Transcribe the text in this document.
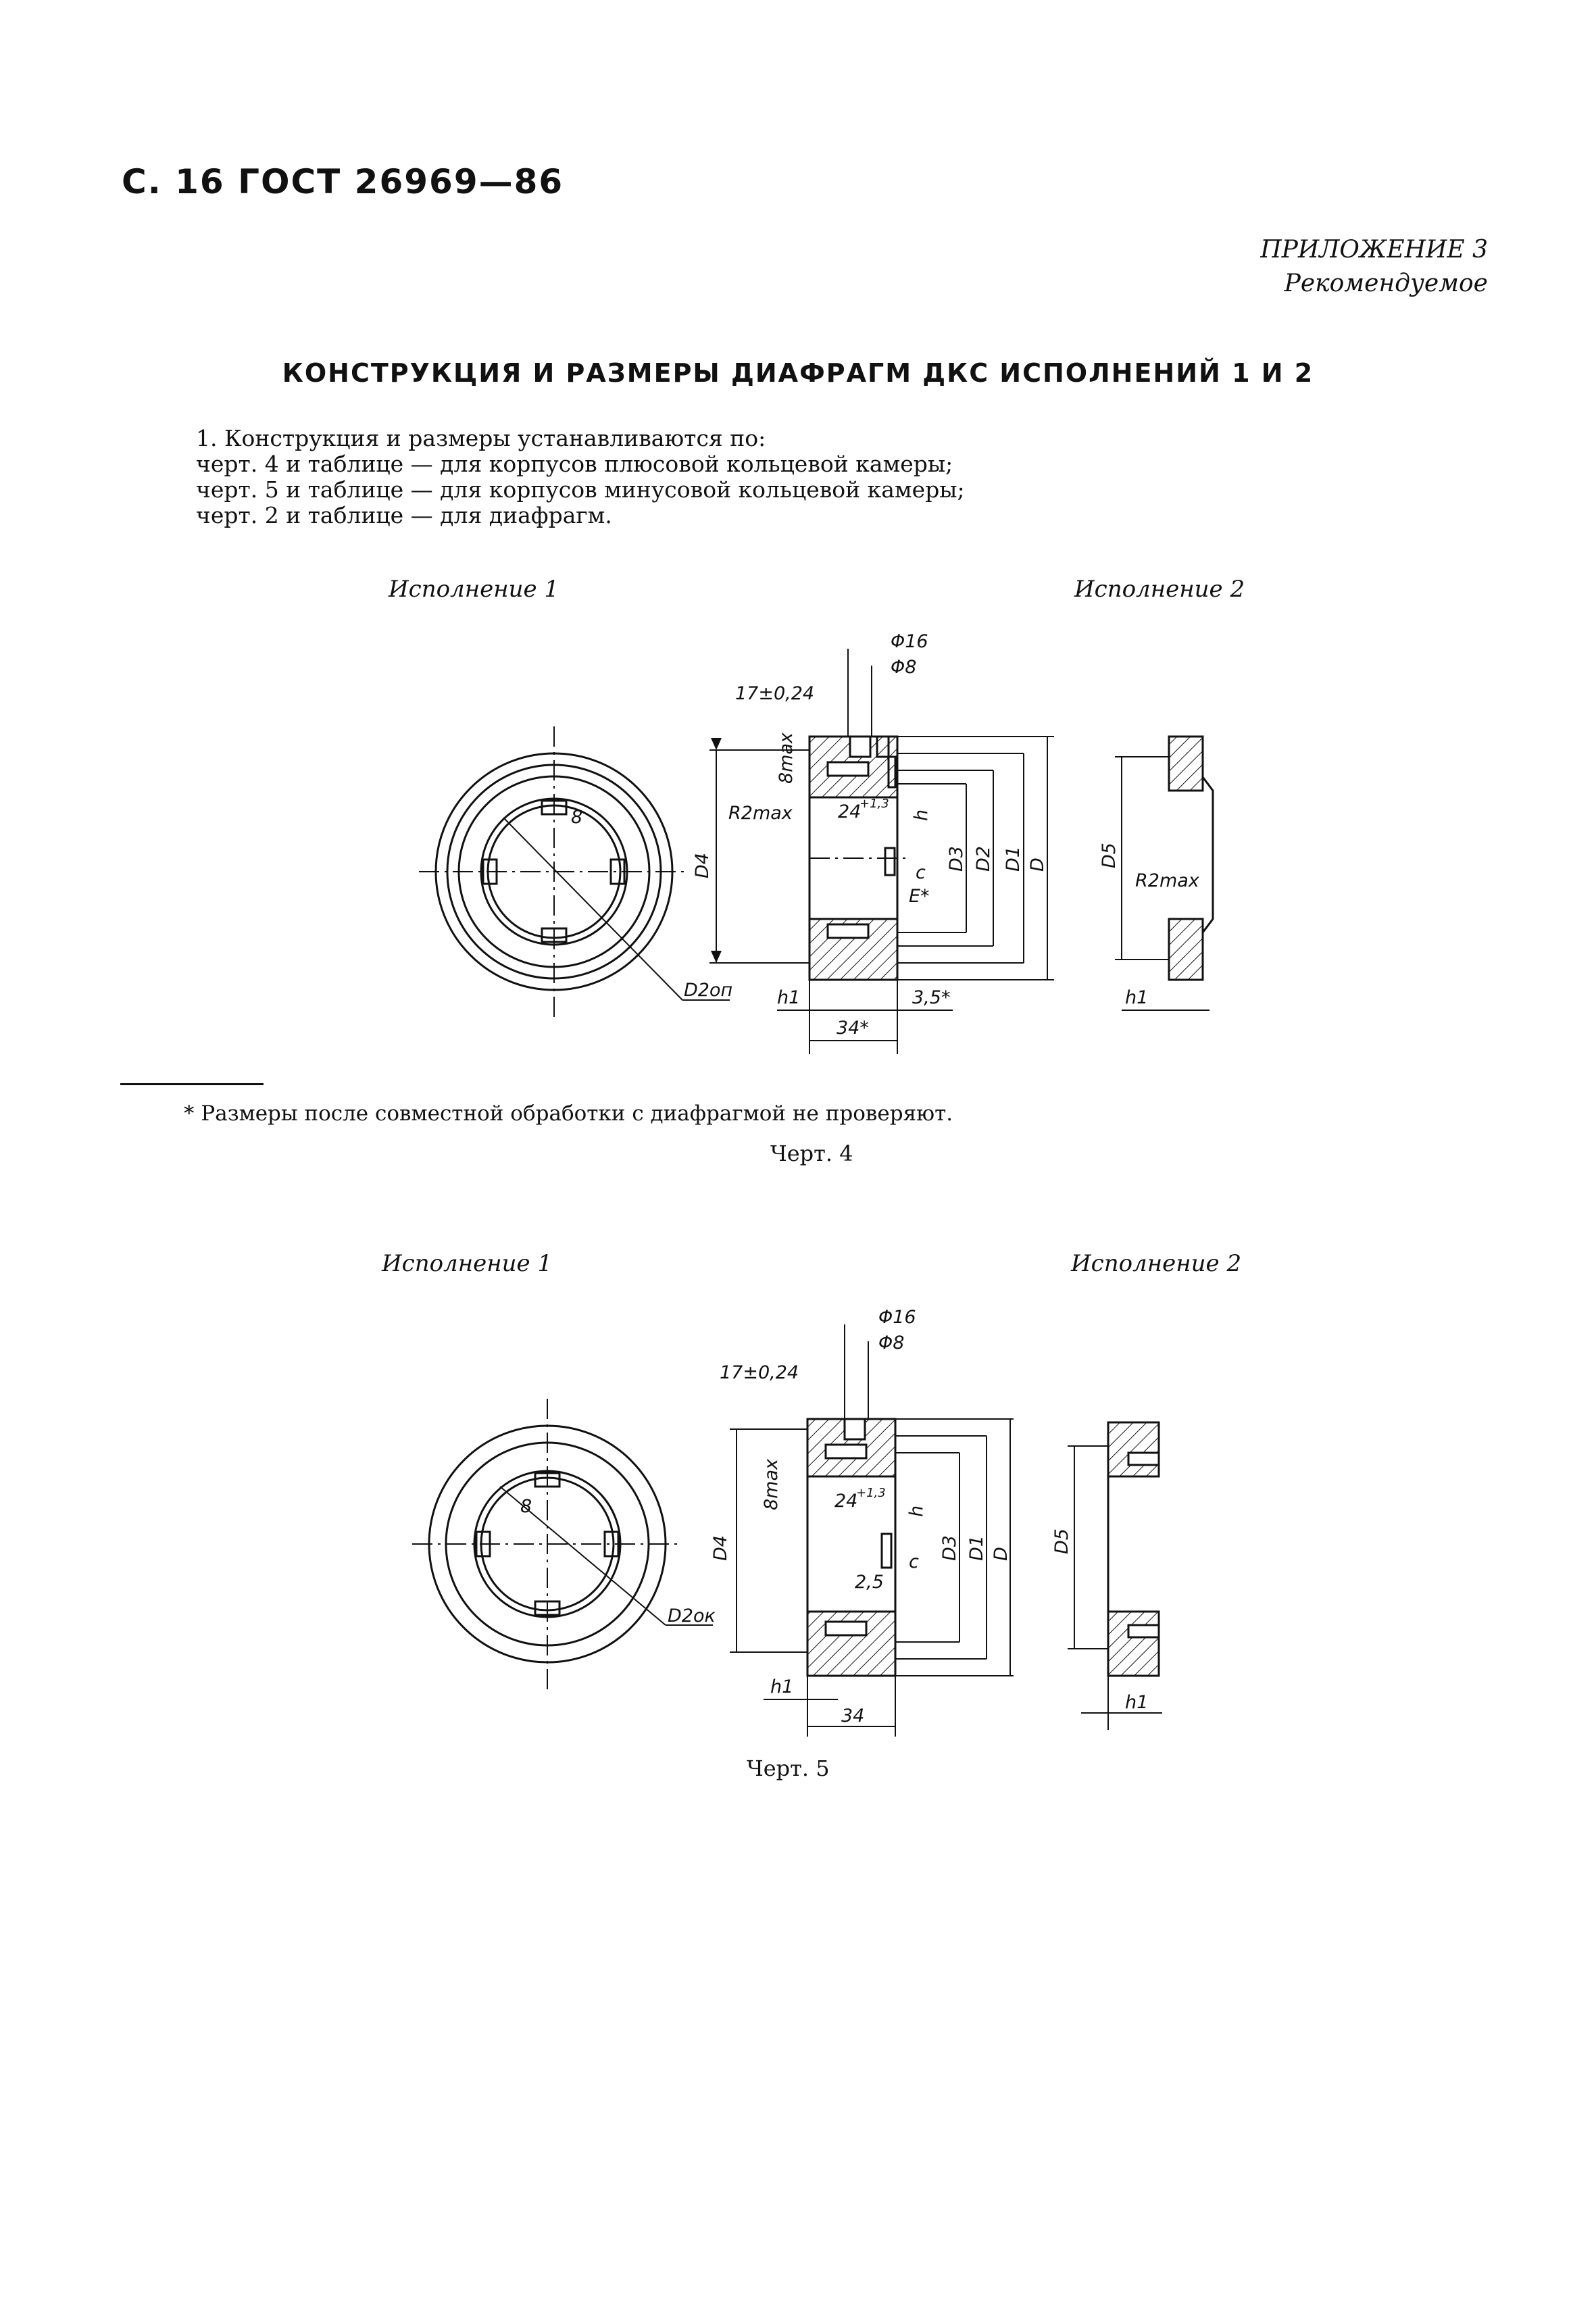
С. 16 ГОСТ 26969—86
ПРИЛОЖЕНИЕ 3
Рекомендуемое
КОНСТРУКЦИЯ И РАЗМЕРЫ ДИАФРАГМ ДКС ИСПОЛНЕНИЙ 1 И 2
1. Конструкция и размеры устанавливаются по:
черт. 4 и таблице — для корпусов плюсовой кольцевой камеры;
черт. 5 и таблице — для корпусов минусовой кольцевой камеры;
черт. 2 и таблице — для диафрагм.
Исполнение 1	Исполнение 2
8
D2оп
Φ16
Φ8
17±0,24
8max
R2max 24
+1,3
h
c
E*
D4	D3 D2 D1 D
h1	3,5*
34*
D5
R2max
h1
8
D2ок
Φ16
Φ8
17±0,24
8max	24
+1,3
h
c
2,5
D4	D3 D1 D
h1
34
D5
h1
* Размеры после совместной обработки с диафрагмой не проверяют.
Черт. 4
Исполнение 1	Исполнение 2
Черт. 5
